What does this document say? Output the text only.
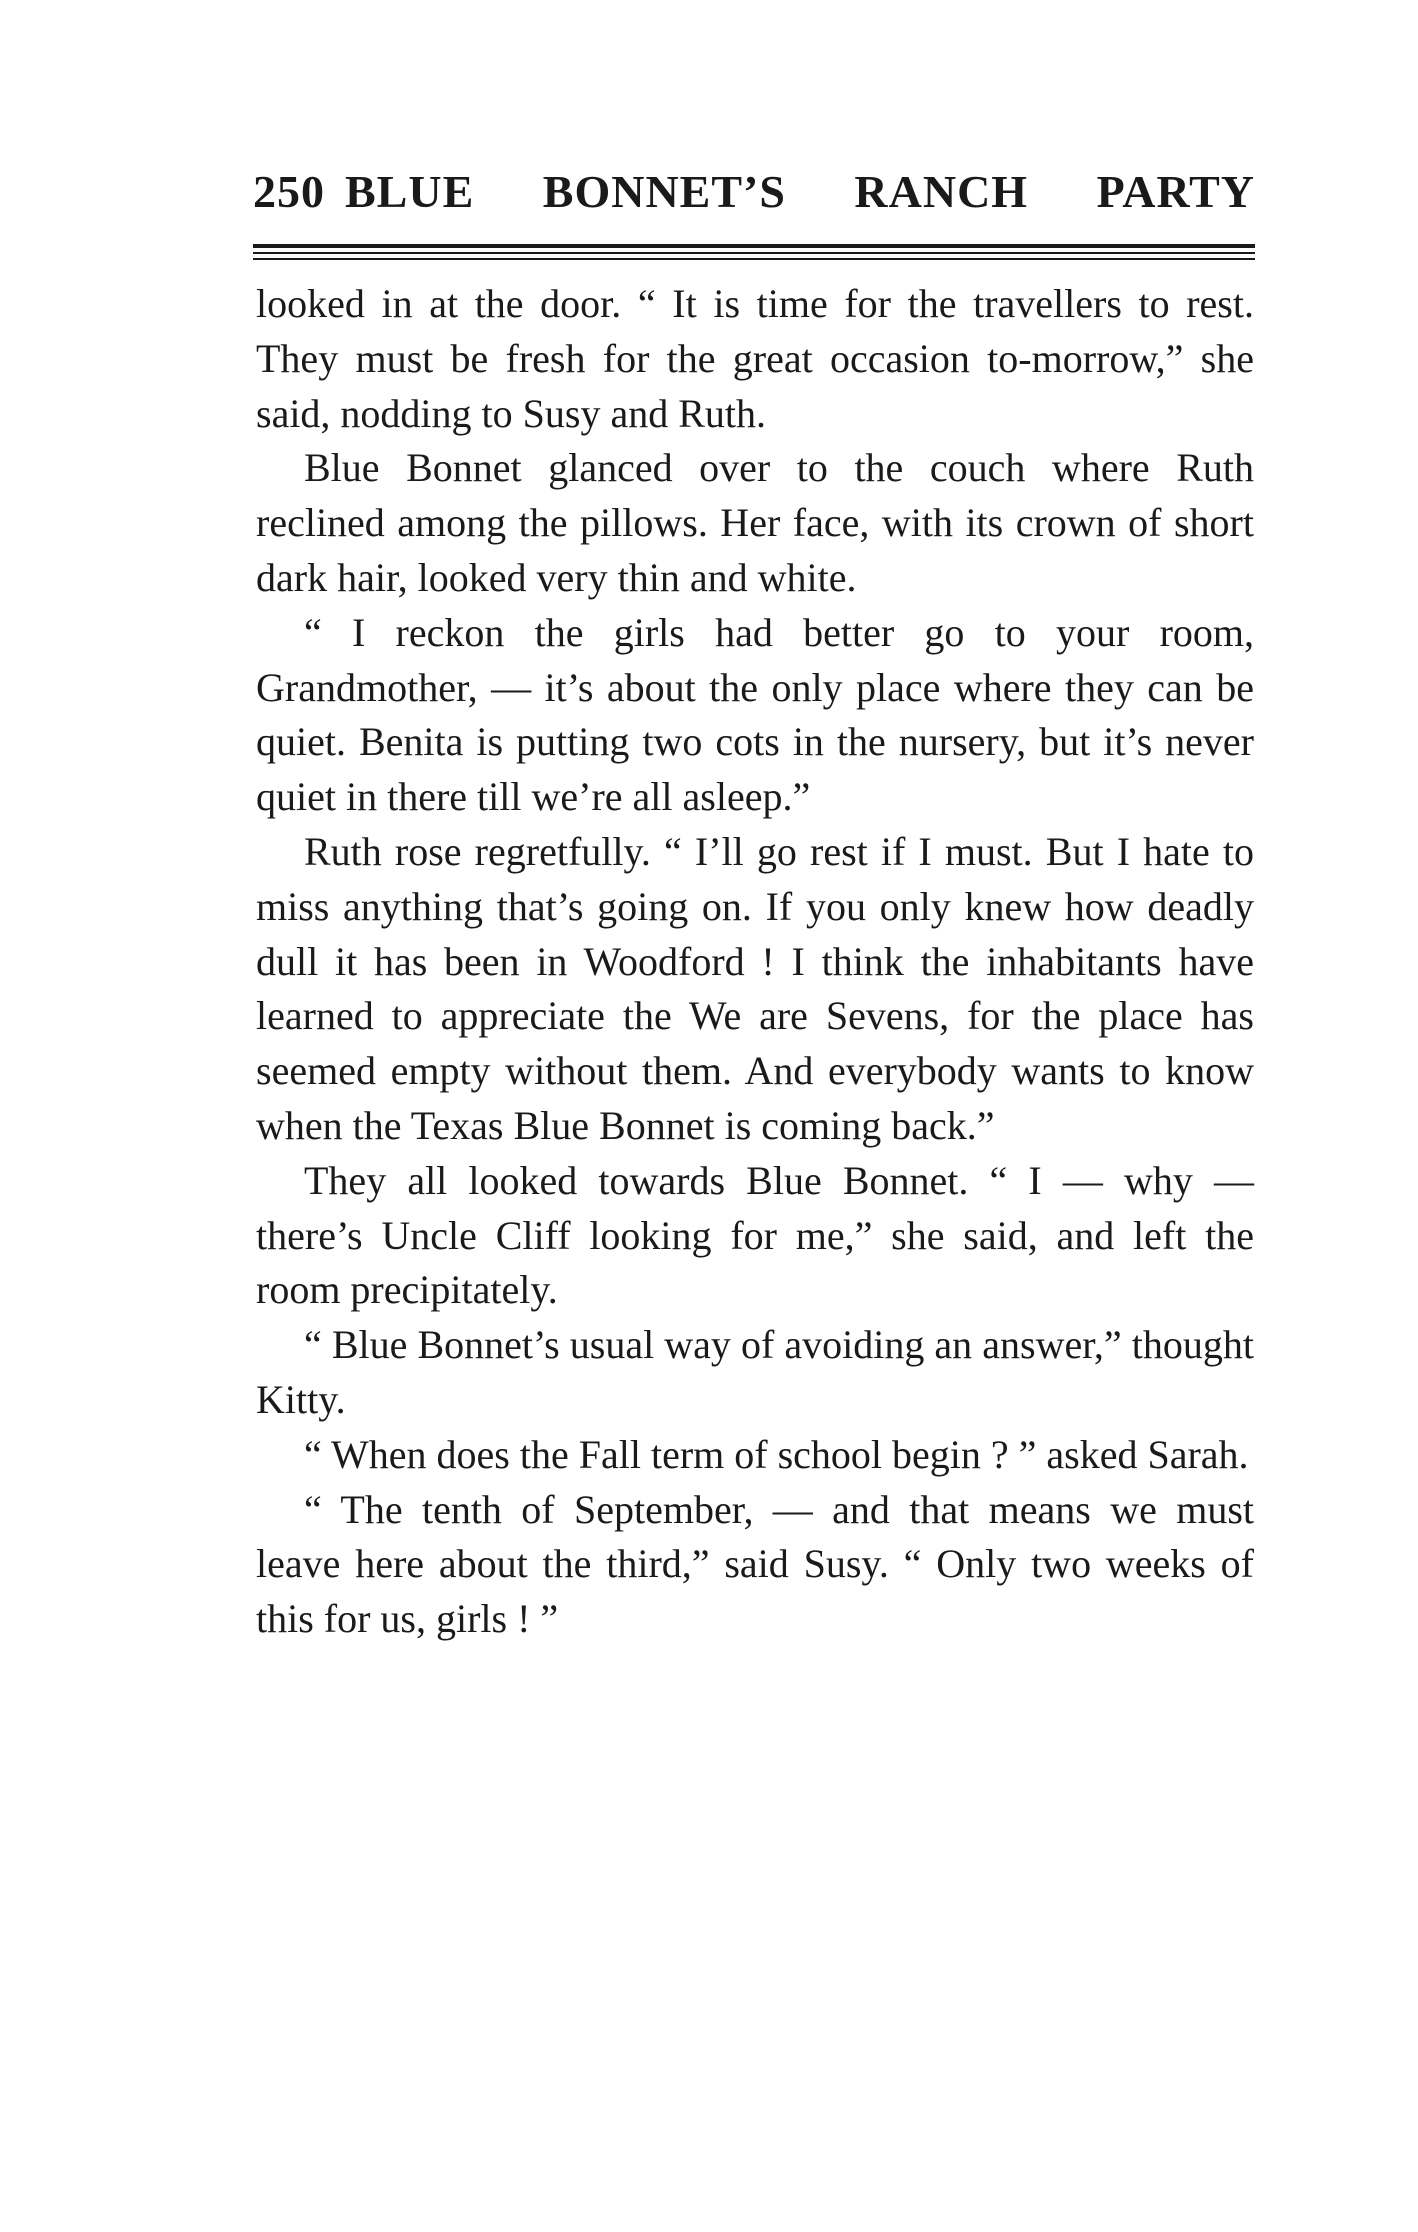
250 BLUE BONNET’S RANCH PARTY

looked in at the door. “ It is time for the travellers to rest. They must be fresh for the great occasion to-morrow,” she said, nodding to Susy and Ruth.

Blue Bonnet glanced over to the couch where Ruth reclined among the pillows. Her face, with its crown of short dark hair, looked very thin and white.

“ I reckon the girls had better go to your room, Grandmother, — it’s about the only place where they can be quiet. Benita is putting two cots in the nursery, but it’s never quiet in there till we’re all asleep.”

Ruth rose regretfully. “ I’ll go rest if I must. But I hate to miss anything that’s going on. If you only knew how deadly dull it has been in Woodford ! I think the inhabitants have learned to appreciate the We are Sevens, for the place has seemed empty without them. And everybody wants to know when the Texas Blue Bonnet is coming back.”

They all looked towards Blue Bonnet. “ I — why — there’s Uncle Cliff looking for me,” she said, and left the room precipitately.

“ Blue Bonnet’s usual way of avoiding an answer,” thought Kitty.

“ When does the Fall term of school begin ? ” asked Sarah.

“ The tenth of September, — and that means we must leave here about the third,” said Susy. “ Only two weeks of this for us, girls ! ”
